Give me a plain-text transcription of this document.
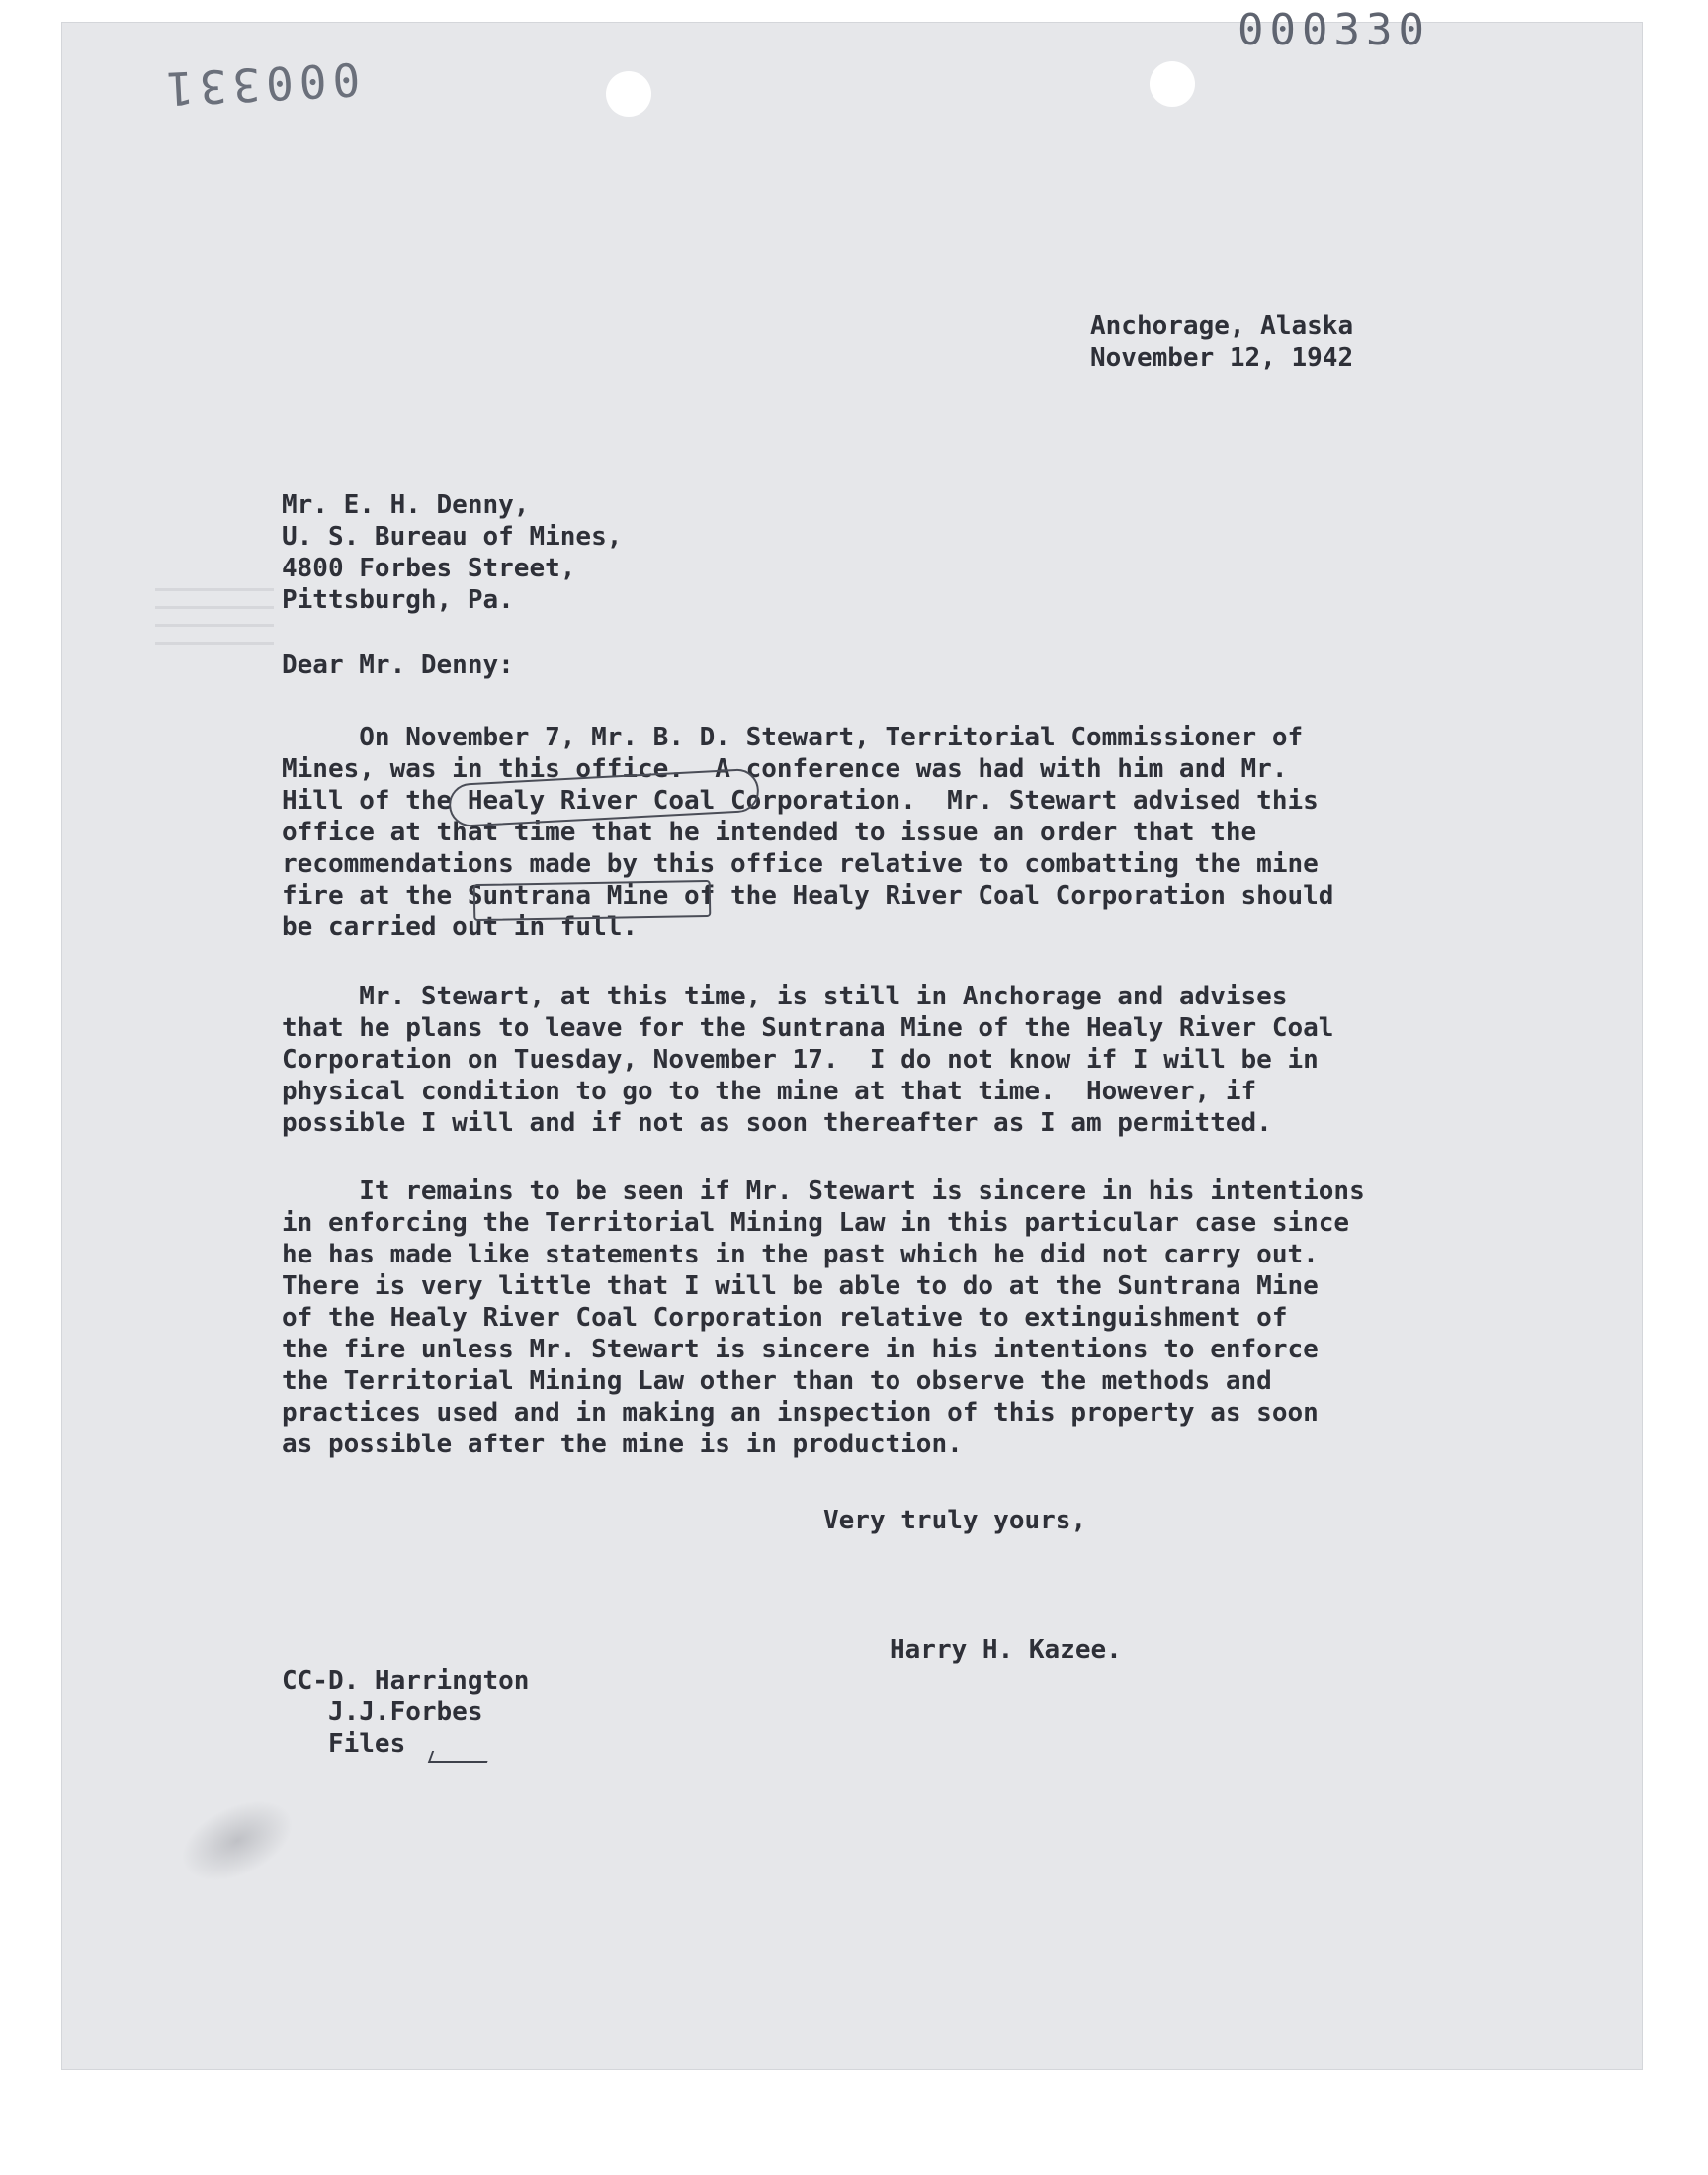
000330
000331
Anchorage, Alaska
November 12, 1942
Mr. E. H. Denny,
U. S. Bureau of Mines,
4800 Forbes Street,
Pittsburgh, Pa.
Dear Mr. Denny:
On November 7, Mr. B. D. Stewart, Territorial Commissioner of
Mines, was in this office.  A conference was had with him and Mr.
Hill of the Healy River Coal Corporation.  Mr. Stewart advised this
office at that time that he intended to issue an order that the
recommendations made by this office relative to combatting the mine
fire at the Suntrana Mine of the Healy River Coal Corporation should
be carried out in full.
Mr. Stewart, at this time, is still in Anchorage and advises
that he plans to leave for the Suntrana Mine of the Healy River Coal
Corporation on Tuesday, November 17.  I do not know if I will be in
physical condition to go to the mine at that time.  However, if
possible I will and if not as soon thereafter as I am permitted.
It remains to be seen if Mr. Stewart is sincere in his intentions
in enforcing the Territorial Mining Law in this particular case since
he has made like statements in the past which he did not carry out.
There is very little that I will be able to do at the Suntrana Mine
of the Healy River Coal Corporation relative to extinguishment of
the fire unless Mr. Stewart is sincere in his intentions to enforce
the Territorial Mining Law other than to observe the methods and
practices used and in making an inspection of this property as soon
as possible after the mine is in production.
Very truly yours,
Harry H. Kazee.
CC-D. Harrington
J.J.Forbes
Files
